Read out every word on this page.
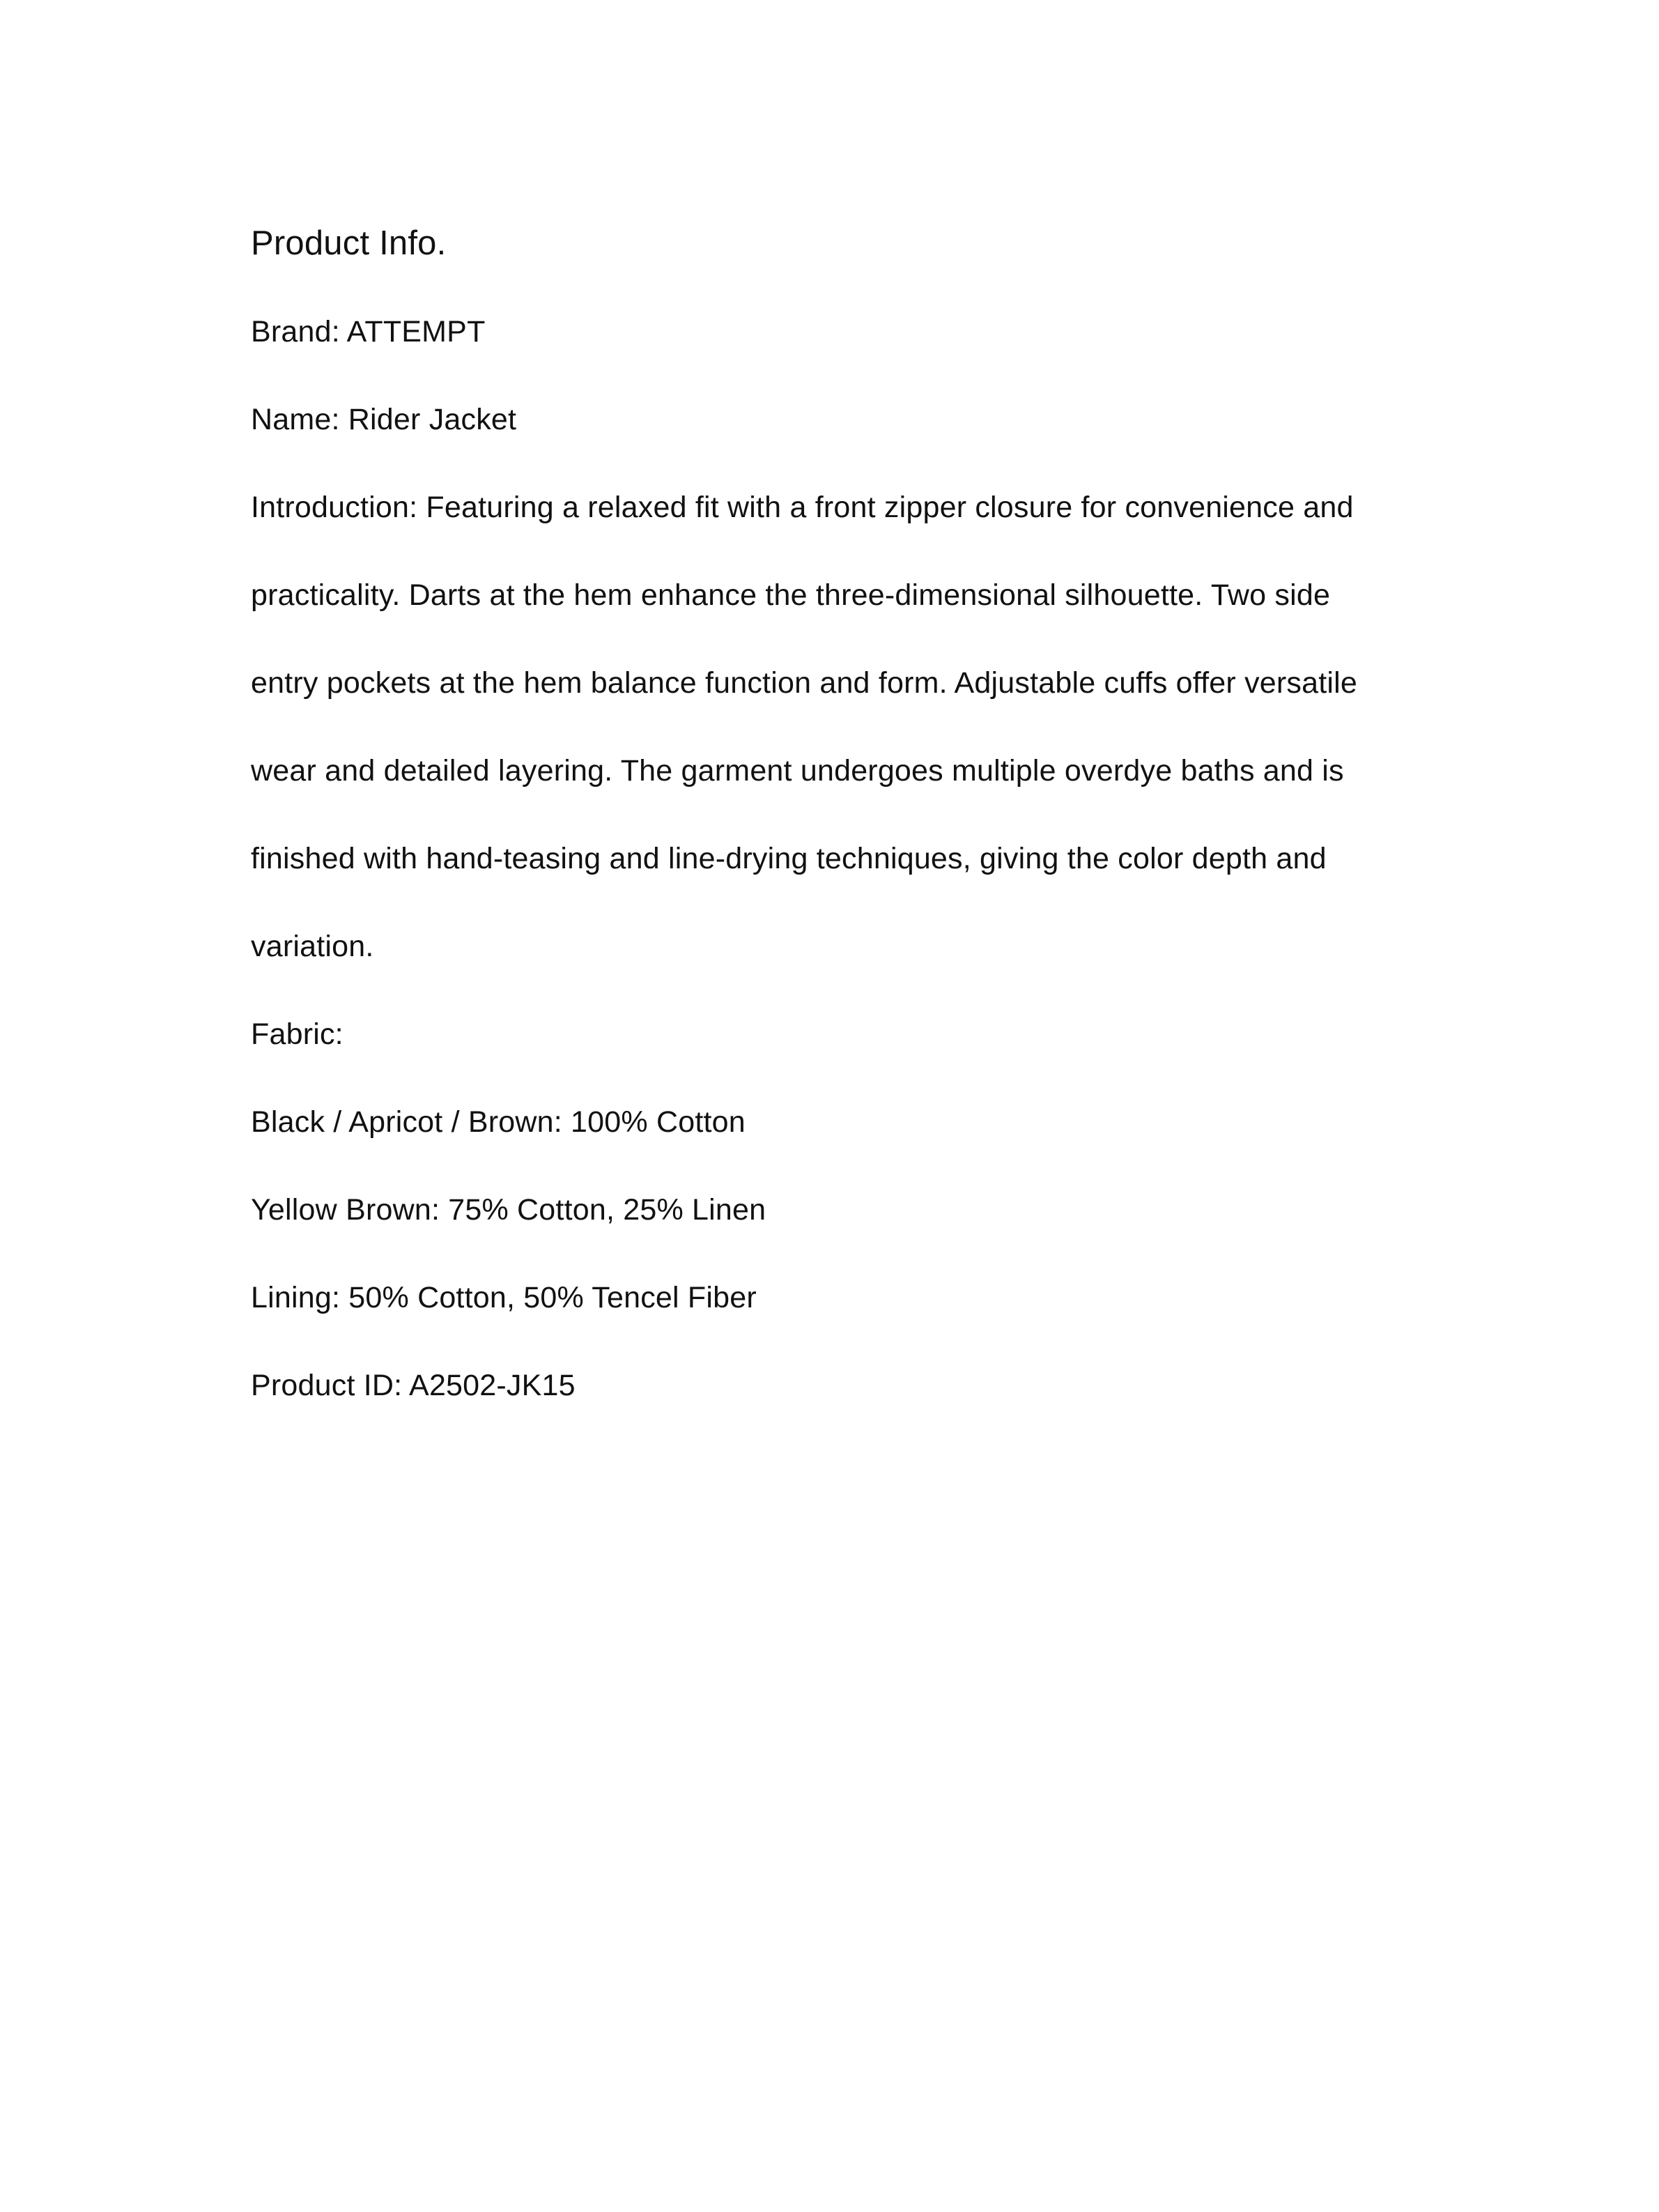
Product Info.
Brand: ATTEMPT
Name: Rider Jacket
Introduction: Featuring a relaxed fit with a front zipper closure for convenience and
practicality. Darts at the hem enhance the three-dimensional silhouette. Two side
entry pockets at the hem balance function and form. Adjustable cuffs offer versatile
wear and detailed layering. The garment undergoes multiple overdye baths and is
finished with hand-teasing and line-drying techniques, giving the color depth and
variation.
Fabric:
Black / Apricot / Brown: 100% Cotton
Yellow Brown: 75% Cotton, 25% Linen
Lining: 50% Cotton, 50% Tencel Fiber
Product ID: A2502-JK15
